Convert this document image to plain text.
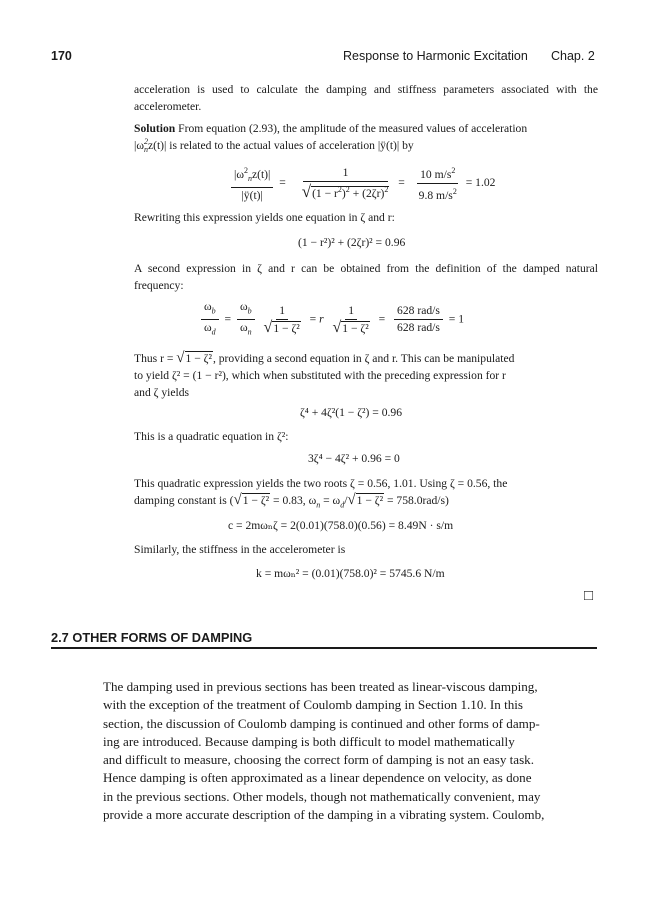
170	Response to Harmonic Excitation Chap. 2
acceleration is used to calculate the damping and stiffness parameters associated with the accelerometer.
Solution From equation (2.93), the amplitude of the measured values of acceleration
|ω $_{2 n}$z(t)| is related to the actual values of acceleration |ÿ(t)| by
$\frac{|\omega^2_nz(t)|}{|ÿ(t)|} = \frac{1}{√(1 - r^2)^2 + (2\zeta r)^2} = \frac{10 m/s^2}{9.8 m/s^2} = 1.02$
Rewriting this expression yields one equation in ζ and r:
(1 − r²)² + (2ζr)² = 0.96
A second expression in ζ and r can be obtained from the definition of the damped natural frequency:
$\frac{\omega_b}{\omega_d} = \frac{\omega_b}{\omega_n}$
$\frac{1}{\text{√1 − ζ²}} = r \frac{1}{\text{√1 − ζ²}} = \frac{\text{628 rad/s}}{\text{628 rad/s}} = 1$
Thus r = √1 − ζ², providing a second equation in ζ and r. This can be manipulated
to yield ζ² = (1 − r²), which when substituted with the preceding expression for r
and ζ yields
ζ⁴ + 4ζ²(1 − ζ²) = 0.96
This is a quadratic equation in ζ²:
3ζ⁴ − 4ζ² + 0.96 = 0
This quadratic expression yields the two roots ζ = 0.56, 1.01. Using ζ = 0.56, the
damping constant is (√1 − ζ² = 0.83, $\omega_n = \omega_d/√1 - \zeta^2 = 758.0rad/s$)
c = 2mωₙζ = 2(0.01)(758.0)(0.56) = 8.49N · s/m
Similarly, the stiffness in the accelerometer is
k = mωₙ² = (0.01)(758.0)² = 5745.6 N/m
□
2.7 OTHER FORMS OF DAMPING
The damping used in previous sections has been treated as linear-viscous damping,
with the exception of the treatment of Coulomb damping in Section 1.10. In this
section, the discussion of Coulomb damping is continued and other forms of damp-
ing are introduced. Because damping is both difficult to model mathematically
and difficult to measure, choosing the correct form of damping is not an easy task.
Hence damping is often approximated as a linear dependence on velocity, as done
in the previous sections. Other models, though not mathematically convenient, may
provide a more accurate description of the damping in a vibrating system. Coulomb,
